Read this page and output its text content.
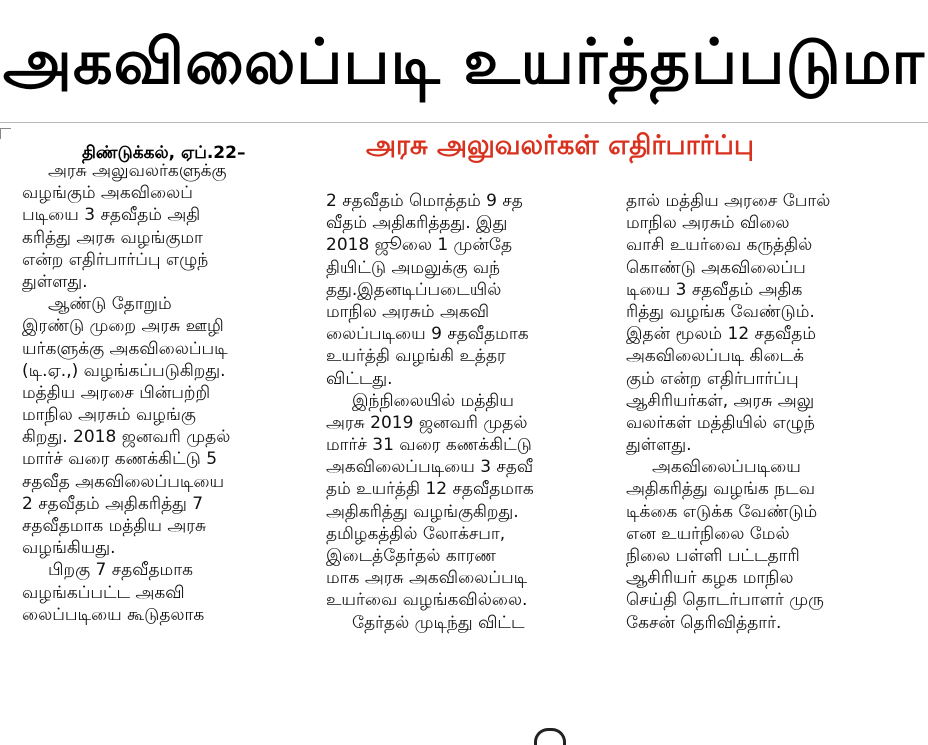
அகவிலைப்படி உயர்த்தப்படுமா
திண்டுக்கல், ஏப்.22–	அரசு அலுவலர்கள் எதிர்பார்ப்பு
அரசு அலுவலர்களுக்கு
வழங்கும் அகவிலைப்
படியை 3 சதவீதம் அதி
கரித்து அரசு வழங்குமா
என்ற எதிர்பார்ப்பு எழுந்
துள்ளது.
ஆண்டு தோறும்
இரண்டு முறை அரசு ஊழி
யர்களுக்கு அகவிலைப்படி
(டி.ஏ.,) வழங்கப்படுகிறது.
மத்திய அரசை பின்பற்றி
மாநில அரசும் வழங்கு
கிறது. 2018 ஜனவரி முதல்
மார்ச் வரை கணக்கிட்டு 5
சதவீத அகவிலைப்படியை
2 சதவீதம் அதிகரித்து 7
சதவீதமாக மத்திய அரசு
வழங்கியது.
பிறகு 7 சதவீதமாக
வழங்கப்பட்ட அகவி
லைப்படியை கூடுதலாக
2 சதவீதம் மொத்தம் 9 சத
வீதம் அதிகரித்தது. இது
2018 ஜூலை 1 முன்தே
தியிட்டு அமலுக்கு வந்
தது.இதனடிப்படையில்
மாநில அரசும் அகவி
லைப்படியை 9 சதவீதமாக
உயர்த்தி வழங்கி உத்தர
விட்டது.
இந்நிலையில் மத்திய
அரசு 2019 ஜனவரி முதல்
மார்ச் 31 வரை கணக்கிட்டு
அகவிலைப்படியை 3 சதவீ
தம் உயர்த்தி 12 சதவீதமாக
அதிகரித்து வழங்குகிறது.
தமிழகத்தில் லோக்சபா,
இடைத்தேர்தல் காரண
மாக அரசு அகவிலைப்படி
உயர்வை வழங்கவில்லை.
தேர்தல் முடிந்து விட்ட
தால் மத்திய அரசை போல்
மாநில அரசும் விலை
வாசி உயர்வை கருத்தில்
கொண்டு அகவிலைப்ப
டியை 3 சதவீதம் அதிக
ரித்து வழங்க வேண்டும்.
இதன் மூலம் 12 சதவீதம்
அகவிலைப்படி கிடைக்
கும் என்ற எதிர்பார்ப்பு
ஆசிரியர்கள், அரசு அலு
வலர்கள் மத்தியில் எழுந்
துள்ளது.
அகவிலைப்படியை
அதிகரித்து வழங்க நடவ
டிக்கை எடுக்க வேண்டும்
என உயர்நிலை மேல்
நிலை பள்ளி பட்டதாரி
ஆசிரியர் கழக மாநில
செய்தி தொடர்பாளர் முரு
கேசன் தெரிவித்தார்.
